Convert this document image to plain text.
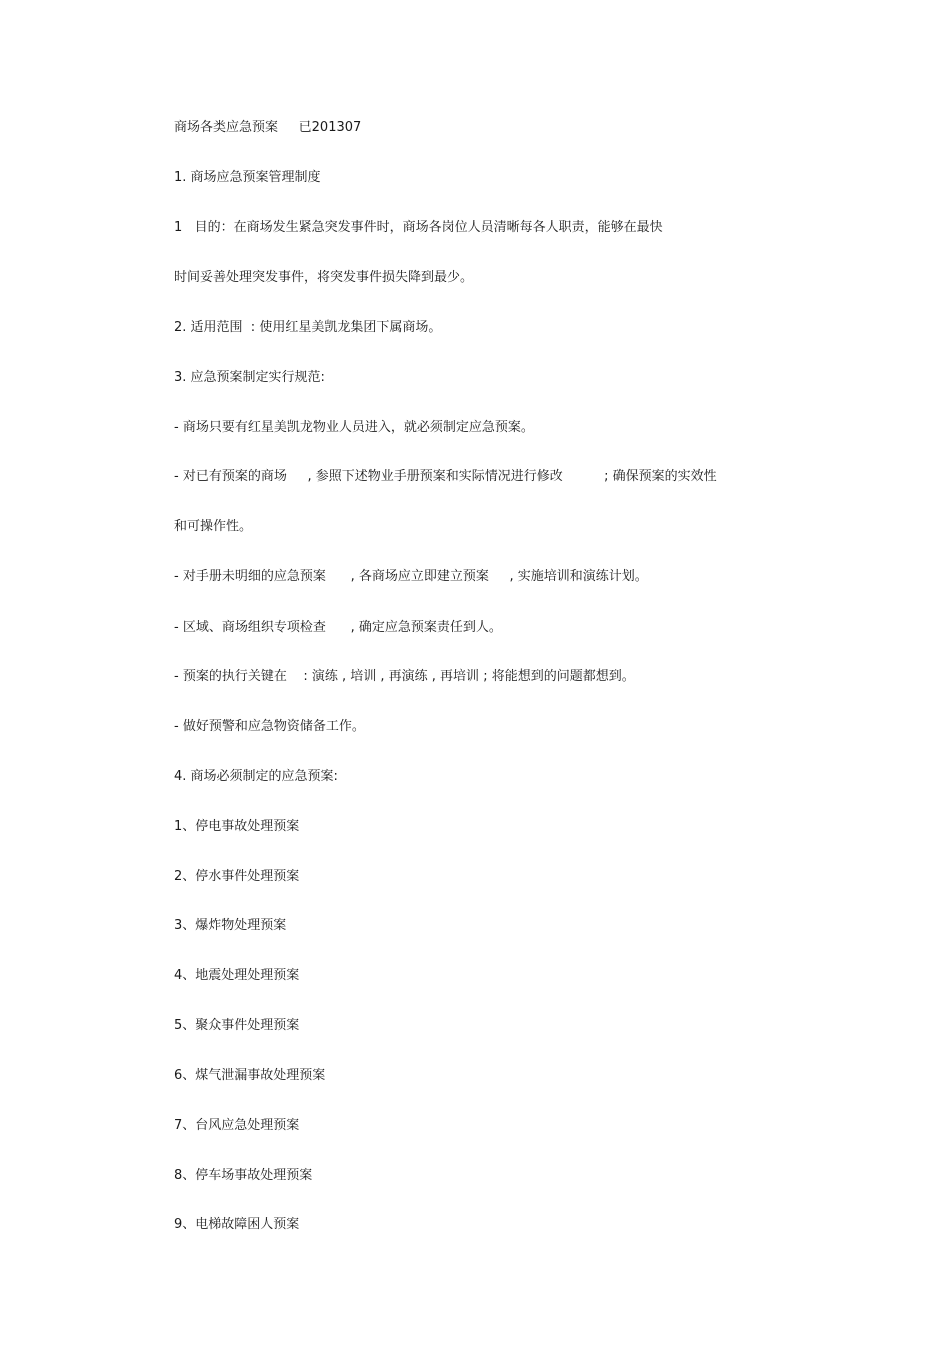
商场各类应急预案     已201307

1. 商场应急预案管理制度

1   目的：在商场发生紧急突发事件时，商场各岗位人员清晰每各人职责，能够在最快

时间妥善处理突发事件，将突发事件损失降到最少。

2. 适用范围  : 使用红星美凯龙集团下属商场。

3. 应急预案制定实行规范:

- 商场只要有红星美凯龙物业人员进入，就必须制定应急预案。

- 对已有预案的商场     , 参照下述物业手册预案和实际情况进行修改          ; 确保预案的实效性

和可操作性。

- 对手册未明细的应急预案      , 各商场应立即建立预案     , 实施培训和演练计划。

- 区域、商场组织专项检查      , 确定应急预案责任到人。

- 预案的执行关键在    : 演练 , 培训 , 再演练 , 再培训 ; 将能想到的问题都想到。

- 做好预警和应急物资储备工作。

4. 商场必须制定的应急预案:

1、停电事故处理预案

2、停水事件处理预案

3、爆炸物处理预案

4、地震处理处理预案

5、聚众事件处理预案

6、煤气泄漏事故处理预案

7、台风应急处理预案

8、停车场事故处理预案

9、电梯故障困人预案
